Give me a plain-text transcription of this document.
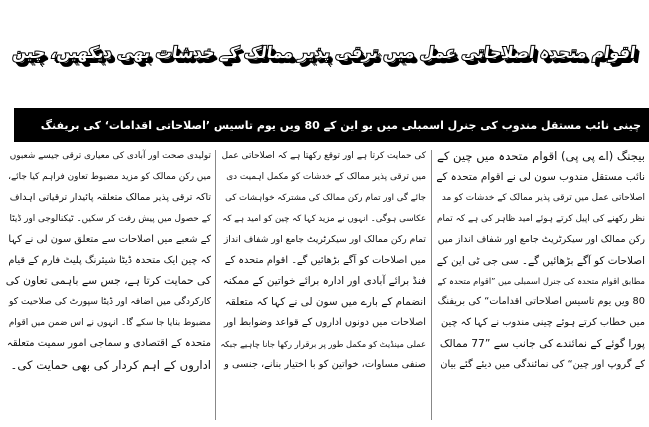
اقوام متحدہ اصلاحاتی عمل میں ترقی پذیر ممالک کے خدشات بھی دیکھیں، چین
چینی نائب مستقل مندوب کی جنرل اسمبلی میں یو این کے 80 ویں یوم تاسیس ’اصلاحاتی اقدامات‘ کی بریفنگ
بیجنگ (اے پی پی) اقوام متحدہ میں چین کے
نائب مستقل مندوب سون لی نے اقوام متحدہ کے
اصلاحاتی عمل میں ترقی پذیر ممالک کے خدشات کو مد
نظر رکھنے کی اپیل کرتے ہوئے امید ظاہر کی ہے کہ تمام
رکن ممالک اور سیکرٹریٹ جامع اور شفاف انداز میں
اصلاحات کو آگے بڑھائیں گے۔ سی جی ٹی این کے
مطابق اقوام متحدہ کی جنرل اسمبلی میں ”اقوام متحدہ کے
80 ویں یوم تاسیس اصلاحاتی اقدامات“ کی بریفنگ
میں خطاب کرتے ہوئے چینی مندوب نے کہا کہ چین
پورا گوئے کے نمائندے کی جانب سے ”77 ممالک
کے گروپ اور چین“ کی نمائندگی میں دیئے گئے بیان
کی حمایت کرتا ہے اور توقع رکھتا ہے کہ اصلاحاتی عمل
میں ترقی پذیر ممالک کے خدشات کو مکمل اہمیت دی
جائے گی اور تمام رکن ممالک کی مشترکہ خواہشات کی
عکاسی ہوگی۔ انہوں نے مزید کہا کہ چین کو امید ہے کہ
تمام رکن ممالک اور سیکرٹریٹ جامع اور شفاف انداز
میں اصلاحات کو آگے بڑھائیں گے۔ اقوام متحدہ کے
فنڈ برائے آبادی اور ادارہ برائے خواتین کے ممکنہ
انضمام کے بارے میں سون لی نے کہا کہ متعلقہ
اصلاحات میں دونوں اداروں کے قواعد وضوابط اور
عملی مینڈیٹ کو مکمل طور پر برقرار رکھا جانا چاہیے جبکہ
صنفی مساوات، خواتین کو با اختیار بنانے، جنسی و
تولیدی صحت اور آبادی کی معیاری ترقی جیسے شعبوں
میں رکن ممالک کو مزید مضبوط تعاون فراہم کیا جائے،
تاکہ ترقی پذیر ممالک متعلقہ پائیدار ترقیاتی اہداف
کے حصول میں پیش رفت کر سکیں۔ ٹیکنالوجی اور ڈیٹا
کے شعبے میں اصلاحات سے متعلق سون لی نے کہا
کہ چین ایک متحدہ ڈیٹا شیئرنگ پلیٹ فارم کے قیام
کی حمایت کرتا ہے، جس سے باہمی تعاون کی
کارکردگی میں اضافہ اور ڈیٹا سپورٹ کی صلاحیت کو
مضبوط بنایا جا سکے گا۔ انہوں نے اس ضمن میں اقوام
متحدہ کے اقتصادی و سماجی امور سمیت متعلقہ
اداروں کے اہم کردار کی بھی حمایت کی۔
